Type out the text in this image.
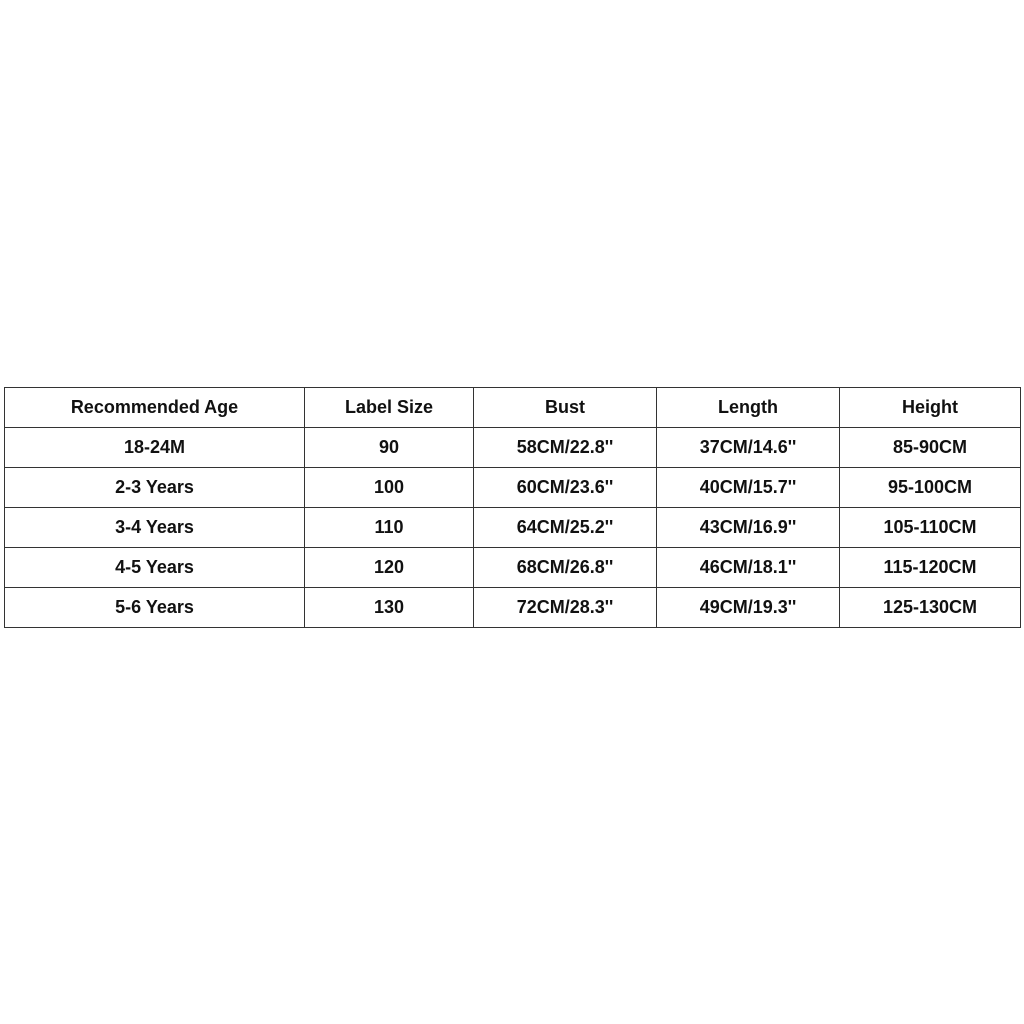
Recommended Age	Label Size	Bust	Length	Height
18-24M	90	58CM/22.8''	37CM/14.6''	85-90CM
2-3 Years	100	60CM/23.6''	40CM/15.7''	95-100CM
3-4 Years	110	64CM/25.2''	43CM/16.9''	105-110CM
4-5 Years	120	68CM/26.8''	46CM/18.1''	115-120CM
5-6 Years	130	72CM/28.3''	49CM/19.3''	125-130CM
